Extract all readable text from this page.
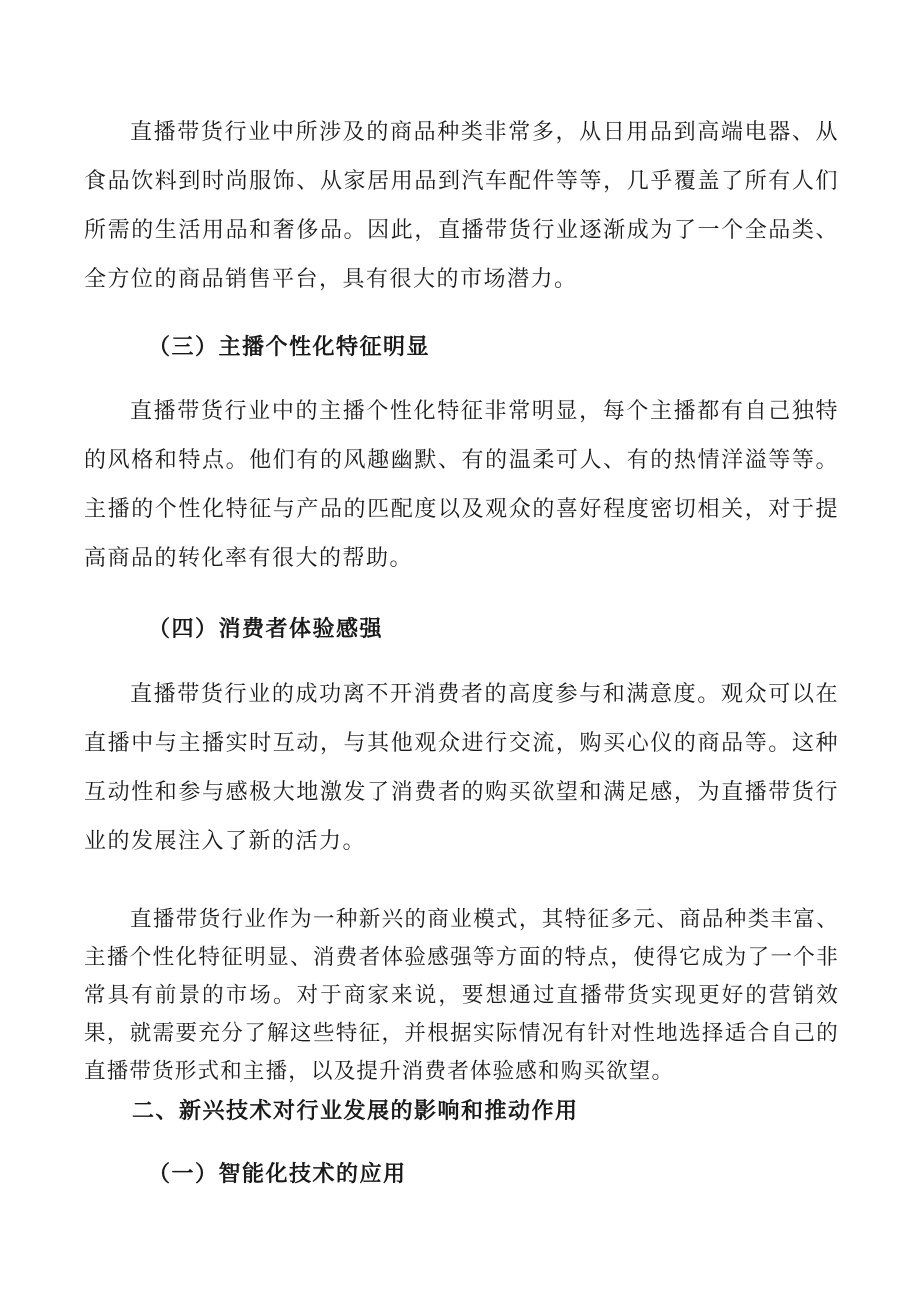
直播带货行业中所涉及的商品种类非常多，从日用品到高端电器、从食品饮料到时尚服饰、从家居用品到汽车配件等等，几乎覆盖了所有人们所需的生活用品和奢侈品。因此，直播带货行业逐渐成为了一个全品类、全方位的商品销售平台，具有很大的市场潜力。

（三）主播个性化特征明显

直播带货行业中的主播个性化特征非常明显，每个主播都有自己独特的风格和特点。他们有的风趣幽默、有的温柔可人、有的热情洋溢等等。主播的个性化特征与产品的匹配度以及观众的喜好程度密切相关，对于提高商品的转化率有很大的帮助。

（四）消费者体验感强

直播带货行业的成功离不开消费者的高度参与和满意度。观众可以在直播中与主播实时互动，与其他观众进行交流，购买心仪的商品等。这种互动性和参与感极大地激发了消费者的购买欲望和满足感，为直播带货行业的发展注入了新的活力。

直播带货行业作为一种新兴的商业模式，其特征多元、商品种类丰富、主播个性化特征明显、消费者体验感强等方面的特点，使得它成为了一个非常具有前景的市场。对于商家来说，要想通过直播带货实现更好的营销效果，就需要充分了解这些特征，并根据实际情况有针对性地选择适合自己的直播带货形式和主播，以及提升消费者体验感和购买欲望。

二、新兴技术对行业发展的影响和推动作用
（一）智能化技术的应用
